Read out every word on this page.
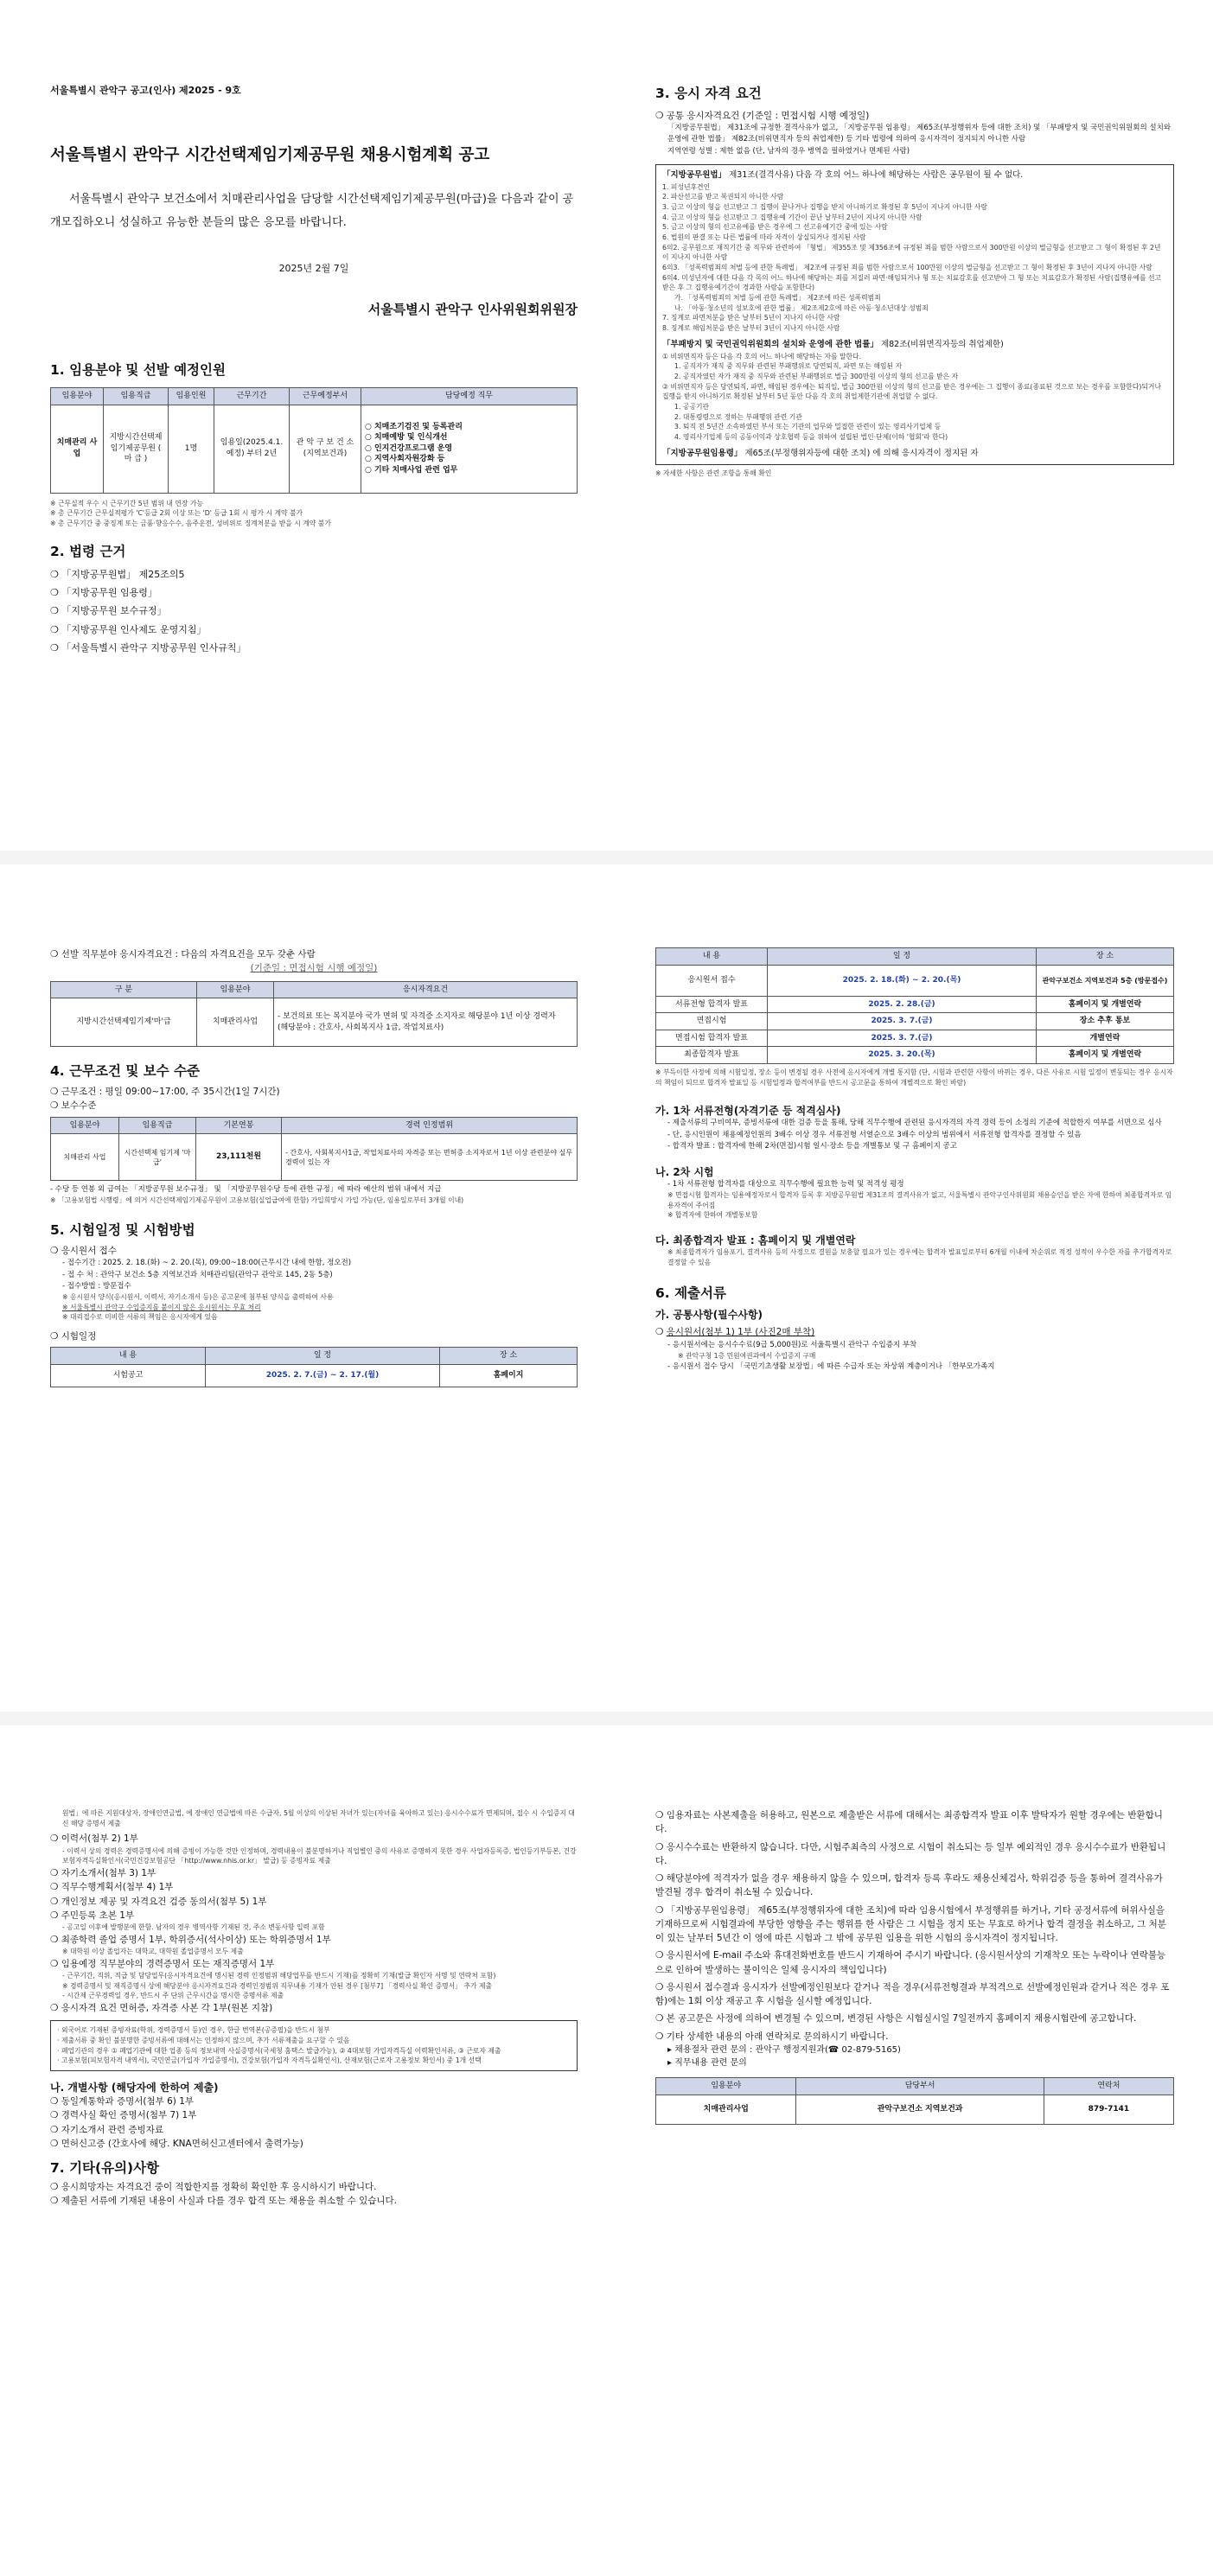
서울특별시 관악구 공고(인사) 제2025 - 9호

서울특별시 관악구 시간선택제임기제공무원 채용시험계획 공고

서울특별시 관악구 보건소에서 치매관리사업을 담당할 시간선택제임기제공무원(마급)을 다음과 같이 공개모집하오니 성실하고 유능한 분들의 많은 응모를 바랍니다.

2025년 2월 7일

서울특별시 관악구 인사위원회위원장

1. 임용분야 및 선발 예정인원

임용분야	임용직급	임용인원	근무기간	근무예정부서	담당예정 직무
치매관리 사 업	지방시간선택제 임기제공무원 ( 마 급 )	1명	임용일(2025.4.1.예정) 부터 2년	관 악 구 보 건 소 (지역보건과)	○ 치매조기검진 및 등록관리
○ 치매예방 및 인식개선
○ 인지건강프로그램 운영
○ 지역사회자원강화 등
○ 기타 치매사업 관련 업무

※ 근무실적 우수 시 근무기간 5년 범위 내 연장 가능

※ 총 근무기간 근무실적평가 'C'등급 2회 이상 또는 'D' 등급 1회 시 평가 시 계약 불가

※ 총 근무기간 중 중징계 또는 금품·향응수수, 음주운전, 성비위로 징계처분을 받을 시 계약 불가

2. 법령 근거

❍ 「지방공무원법」 제25조의5
❍ 「지방공무원 임용령」
❍ 「지방공무원 보수규정」
❍ 「지방공무원 인사제도 운영지침」
❍ 「서울특별시 관악구 지방공무원 인사규칙」

3. 응시 자격 요건

❍ 공통 응시자격요건 (기준일 : 면접시험 시행 예정일)

「지방공무원법」 제31조에 규정한 결격사유가 없고, 「지방공무원 임용령」 제65조(부정행위자 등에 대한 조치) 및 「부패방지 및 국민권익위원회의 설치와 운영에 관한 법률」 제82조(비위면직자 등의 취업제한) 등 기타 법령에 의하여 응시자격이 정지되지 아니한 사람

지역연령 성별 : 제한 없음 (단, 남자의 경우 병역을 필하였거나 면제된 사람)

「지방공무원법」 제31조(결격사유) 다음 각 호의 어느 하나에 해당하는 사람은 공무원이 될 수 없다.

1. 피성년후견인

2. 파산선고를 받고 복권되지 아니한 사람

3. 금고 이상의 형을 선고받고 그 집행이 끝나거나 집행을 받지 아니하기로 확정된 후 5년이 지나지 아니한 사람

4. 금고 이상의 형을 선고받고 그 집행유예 기간이 끝난 날부터 2년이 지나지 아니한 사람

5. 금고 이상의 형의 선고유예를 받은 경우에 그 선고유예기간 중에 있는 사람

6. 법원의 판결 또는 다른 법률에 따라 자격이 상실되거나 정지된 사람

6의2. 공무원으로 재직기간 중 직무와 관련하여 「형법」 제355조 및 제356조에 규정된 죄를 범한 사람으로서 300만원 이상의 벌금형을 선고받고 그 형이 확정된 후 2년이 지나지 아니한 사람

6의3. 「성폭력범죄의 처벌 등에 관한 특례법」 제2조에 규정된 죄를 범한 사람으로서 100만원 이상의 벌금형을 선고받고 그 형이 확정된 후 3년이 지나지 아니한 사람

6의4. 미성년자에 대한 다음 각 목의 어느 하나에 해당하는 죄를 저질러 파면·해임되거나 형 또는 치료감호를 선고받아 그 형 또는 치료감호가 확정된 사람(집행유예를 선고받은 후 그 집행유예기간이 경과한 사람을 포함한다)

가. 「성폭력범죄의 처벌 등에 관한 특례법」 제2조에 따른 성폭력범죄

나. 「아동·청소년의 성보호에 관한 법률」 제2조제2호에 따른 아동·청소년대상 성범죄

7. 징계로 파면처분을 받은 날부터 5년이 지나지 아니한 사람

8. 징계로 해임처분을 받은 날부터 3년이 지나지 아니한 사람

「부패방지 및 국민권익위원회의 설치와 운영에 관한 법률」 제82조(비위면직자등의 취업제한)

① 비위면직자 등은 다음 각 호의 어느 하나에 해당하는 자를 말한다.

1. 공직자가 재직 중 직무와 관련된 부패행위로 당연퇴직, 파면 또는 해임된 자

2. 공직자였던 자가 재직 중 직무와 관련된 부패행위로 벌금 300만원 이상의 형의 선고를 받은 자

② 비위면직자 등은 당연퇴직, 파면, 해임된 경우에는 퇴직일, 벌금 300만원 이상의 형의 선고를 받은 경우에는 그 집행이 종료(종료된 것으로 보는 경우를 포함한다)되거나 집행을 받지 아니하기로 확정된 날부터 5년 동안 다음 각 호의 취업제한기관에 취업할 수 없다.

1. 공공기관

2. 대통령령으로 정하는 부패행위 관련 기관

3. 퇴직 전 5년간 소속하였던 부서 또는 기관의 업무와 밀접한 관련이 있는 영리사기업체 등

4. 영리사기업체 등의 공동이익과 상호협력 등을 위하여 설립된 법인·단체(이하 '협회'라 한다)

「지방공무원임용령」 제65조(부정행위자등에 대한 조치) 에 의해 응시자격이 정지된 자

※ 자세한 사항은 관련 조항을 통해 확인

❍ 선발 직무분야 응시자격요건 : 다음의 자격요건을 모두 갖춘 사람

(기준일 : 면접시험 시행 예정일)

구 분	임용분야	응시자격요건
지방시간선택제임기제'마'급	치매관리사업	- 보건의료 또는 복지분야 국가 면허 및 자격증 소지자로 해당분야 1년 이상 경력자
(해당분야 : 간호사, 사회복지사 1급, 작업치료사)

4. 근무조건 및 보수 수준

❍ 근무조건 : 평일 09:00~17:00, 주 35시간(1일 7시간)

❍ 보수수준

임용분야	임용직급	기본연봉	경력 인정범위
치매관리 사업	시간선택제 임기제 '마급'	23,111천원	- 간호사, 사회복지사1급, 작업치료사의 자격증 또는 면허증 소지자로서 1년 이상 관련분야 실무경력이 있는 자

- 수당 등 연봉 외 급여는 「지방공무원 보수규정」 및 「지방공무원수당 등에 관한 규정」에 따라 예산의 범위 내에서 지급

※ 「고용보험법 시행령」에 의거 시간선택제임기제공무원이 고용보험(실업급여에 한함) 가입희망시 가입 가능(단, 임용일로부터 3개월 이내)

5. 시험일정 및 시험방법

❍ 응시원서 접수

- 접수기간 : 2025. 2. 18.(화) ~ 2. 20.(목), 09:00~18:00(근무시간 내에 한함, 정오전)

- 접 수 처 : 관악구 보건소 5층 지역보건과 치매관리팀(관악구 관악로 145, 2동 5층)

- 접수방법 : 방문접수

※ 응시원서 양식(응시원서, 이력서, 자기소개서 등)은 공고문에 첨부된 양식을 출력하여 사용

※ 서울특별시 관악구 수입증지를 붙이지 않은 응시원서는 무효 처리

※ 대리접수로 미비한 서류의 책임은 응시자에게 있음

❍ 시험일정

내 용	일 정	장 소
시험공고	2025. 2. 7.(금) ~ 2. 17.(월)	홈페이지
내 용	일 정	장 소
응시원서 접수	2025. 2. 18.(화) ~ 2. 20.(목)	관악구보건소 지역보건과 5층 (방문접수)
서류전형 합격자 발표	2025. 2. 28.(금)	홈페이지 및 개별연락
면접시험	2025. 3. 7.(금)	장소 추후 통보
면접시험 합격자 발표	2025. 3. 7.(금)	개별연락
최종합격자 발표	2025. 3. 20.(목)	홈페이지 및 개별연락

※ 부득이한 사정에 의해 시험일정, 장소 등이 변경될 경우 사전에 응시자에게 개별 통지함 (단, 시험과 관련한 사항이 바뀌는 경우, 다른 사유로 시험 일정이 변동되는 경우 응시자의 책임이 되므로 합격자 발표일 등 시험일정과 합격여부를 반드시 공고문을 통하여 개별적으로 확인 바람)

가. 1차 서류전형(자격기준 등 적격심사)

- 제출서류의 구비여부, 증빙서류에 대한 검증 등을 통해, 당해 직무수행에 관련된 응시자격의 자격 경력 등이 소정의 기준에 적합한지 여부를 서면으로 심사

- 단, 응시인원이 채용예정인원의 3배수 이상 경우 서류전형 서열순으로 3배수 이상의 범위에서 서류전형 합격자를 결정할 수 있음

- 합격자 발표 : 합격자에 한해 2차(면접)시험 일시·장소 등을 개별통보 및 구 홈페이지 공고

나. 2차 시험

- 1차 서류전형 합격자를 대상으로 직무수행에 필요한 능력 및 적격성 평정

※ 면접시험 합격자는 임용예정자로서 합격자 등록 후 지방공무원법 제31조의 결격사유가 없고, 서울특별시 관악구인사위원회 채용승인을 받은 자에 한하여 최종합격자로 임용자격이 주어짐

※ 합격자에 한하여 개별통보함

다. 최종합격자 발표 : 홈페이지 및 개별연락

※ 최종합격자가 임용포기, 결격사유 등의 사정으로 결원을 보충할 필요가 있는 경우에는 합격자 발표일로부터 6개월 이내에 차순위로 적정 성적이 우수한 자를 추가합격자로 결정할 수 있음

6. 제출서류

가. 공통사항(필수사항)

❍ 응시원서(첨부 1) 1부 (사진2매 부착)

- 응시원서에는 응시수수료(9급 5,000원)로 서울특별시 관악구 수입증지 부착

※ 관악구청 1층 민원여권과에서 수입증지 구매

- 응시원서 접수 당시 「국민기초생활 보장법」에 따른 수급자 또는 차상위 계층이거나 「한부모가족지

원법」에 따른 지원대상자, 장애인연금법, 에 장애인 연금법에 따른 수급자, 5월 이상의 이상된 자녀가 있는(자녀를 육아하고 있는) 응시수수료가 면제되며, 접수 시 수입증지 대신 해당 증명서 제출

❍ 이력서(첨부 2) 1부

- 이력서 상의 경력은 경력증명서에 의해 증빙이 가능한 것만 인정하며, 경력내용이 불분명하거나 직업별인 중의 사유로 증명하지 못한 경우 사업자등록증, 법인등기부등본, 건강보험자격득실확인서(국민건강보험공단 「http://www.nhis.or.kr」 발급) 등 증빙자료 제출

❍ 자기소개서(첨부 3) 1부

❍ 직무수행계획서(첨부 4) 1부

❍ 개인정보 제공 및 자격요건 검증 동의서(첨부 5) 1부

❍ 주민등록 초본 1부

- 공고일 이후에 발행분에 한함. 남자의 경우 병역사항 기재된 것, 주소 변동사항 입력 포함

❍ 최종학력 졸업 증명서 1부, 학위증서(석사이상) 또는 학위증명서 1부

※ 대학원 이상 졸업자는 대학교, 대학원 졸업증명서 모두 제출

❍ 임용예정 직무분야의 경력증명서 또는 재직증명서 1부

- 근무기간, 직위, 직급 및 담당업무(응시자격요건에 명시된 경력 인정범위 해당업무를 반드시 기재)를 정확히 기재(발급 확인자 서명 및 연락처 포함)

※ 경력증명서 및 재직증명서 상에 해당분야 응시자격요건과 경력인정범위 직무내용 기재가 안된 경우 [첨부7] 「경력사실 확인 증명서」 추가 제출

- 시간제 근무경력일 경우, 반드시 주 단위 근무시간을 명시한 증명서류 제출

❍ 응시자격 요건 면허증, 자격증 사본 각 1부(원본 지참)

· 외국어로 기재된 증빙자료(학위, 경력증명서 등)인 경우, 한글 번역본(공증필)을 반드시 첨부

· 제출서류 중 확인 불분명한 증빙서류에 대해서는 인정하지 않으며, 추가 서류제출을 요구할 수 있음

· 폐업기관의 경우 ① 폐업기관에 대한 업종 등의 정보내역 사실증명서(국세청 홈택스 발급가능), ② 4대보험 가입자격득실 이력확인서류, ③ 근로자 제출

· 고용보험(피보험자격 내역서), 국민연금(가입자 가입증명서), 건강보험(가입자 자격득실확인서), 산재보험(근로자 고용정보 확인서) 중 1개 선택

나. 개별사항 (해당자에 한하여 제출)

❍ 동일계통학과 증명서(첨부 6) 1부

❍ 경력사실 확인 증명서(첨부 7) 1부

❍ 자기소개서 관련 증빙자료

❍ 면허신고증 (간호사에 해당. KNA면허신고센터에서 출력가능)

7. 기타(유의)사항

❍ 응시희망자는 자격요건 중이 적합한지를 정확히 확인한 후 응시하시기 바랍니다.

❍ 제출된 서류에 기재된 내용이 사실과 다를 경우 합격 또는 채용을 취소할 수 있습니다.

❍ 임용자료는 사본제출을 허용하고, 원본으로 제출받은 서류에 대해서는 최종합격자 발표 이후 발탁자가 원할 경우에는 반환합니다.

❍ 응시수수료는 반환하지 않습니다. 다만, 시험주최측의 사정으로 시험이 취소되는 등 일부 예외적인 경우 응시수수료가 반환됩니다.

❍ 해당분야에 적격자가 없을 경우 채용하지 않을 수 있으며, 합격자 등록 후라도 채용신체검사, 학위검증 등을 통하여 결격사유가 발견될 경우 합격이 취소될 수 있습니다.

❍ 「지방공무원임용령」 제65조(부정행위자에 대한 조치)에 따라 임용시험에서 부정행위를 하거나, 기타 공정서류에 허위사실을 기재하므로써 시험결과에 부당한 영향을 주는 행위를 한 사람은 그 시험을 정지 또는 무효로 하거나 합격 결정을 취소하고, 그 처분이 있는 날부터 5년간 이 영에 따른 시험과 그 밖에 공무원 임용을 위한 시험의 응시자격이 정지됩니다.

❍ 응시원서에 E-mail 주소와 휴대전화번호를 반드시 기재하여 주시기 바랍니다. (응시원서상의 기재착오 또는 누락이나 연락불능으로 인하여 발생하는 불이익은 일체 응시자의 책임입니다)

❍ 응시원서 접수결과 응시자가 선발예정인원보다 같거나 적을 경우(서류전형결과 부적격으로 선발예정인원과 같거나 적은 경우 포함)에는 1회 이상 재공고 후 시험을 실시할 예정입니다.

❍ 본 공고문은 사정에 의하여 변경될 수 있으며, 변경된 사항은 시험실시일 7일전까지 홈페이지 채용시험란에 공고합니다.

❍ 기타 상세한 내용의 아래 연락처로 문의하시기 바랍니다.

▸ 채용절차 관련 문의 : 관악구 행정지원과(☎ 02-879-5165)

▸ 직무내용 관련 문의

임용분야	담당부서	연락처
치매관리사업	관악구보건소 지역보건과	879-7141
